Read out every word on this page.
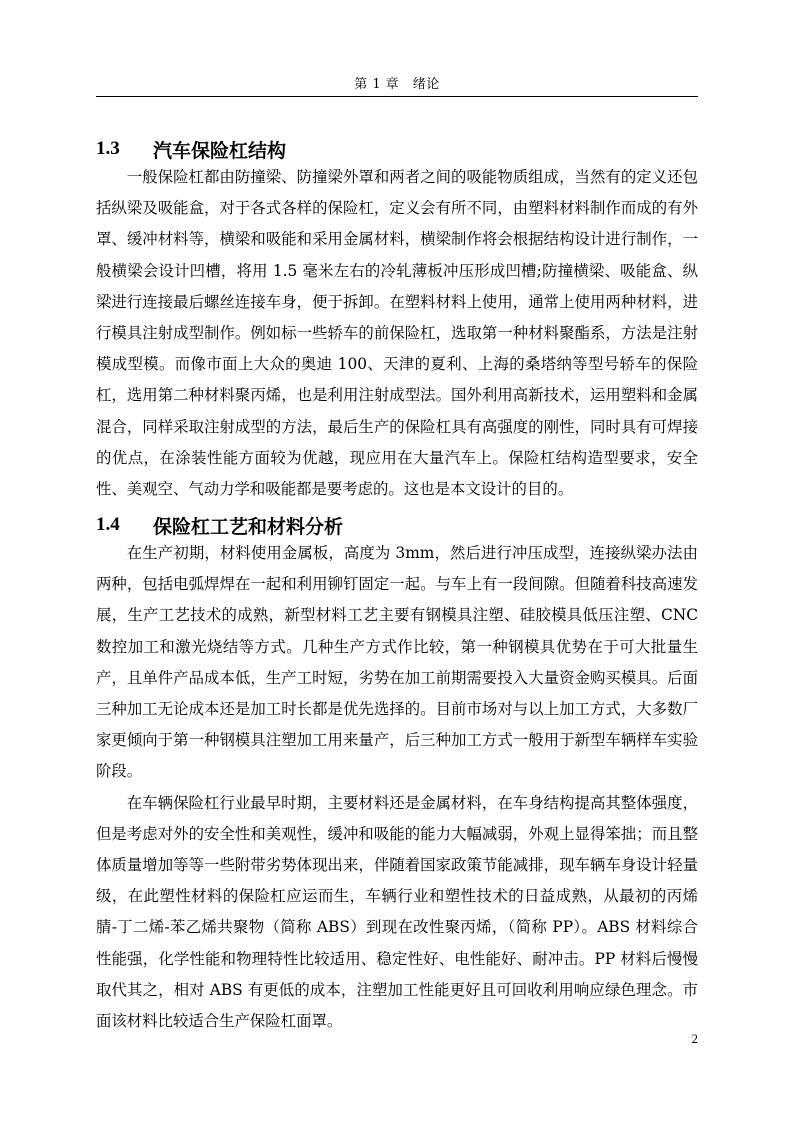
第 1 章　绪论
1.3	汽车保险杠结构

一般保险杠都由防撞梁、防撞梁外罩和两者之间的吸能物质组成，当然有的定义还包括纵梁及吸能盒，对于各式各样的保险杠，定义会有所不同，由塑料材料制作而成的有外罩、缓冲材料等，横梁和吸能和采用金属材料，横梁制作将会根据结构设计进行制作，一般横梁会设计凹槽，将用 1.5 毫米左右的冷轧薄板冲压形成凹槽;防撞横梁、吸能盒、纵梁进行连接最后螺丝连接车身，便于拆卸。在塑料材料上使用，通常上使用两种材料，进行模具注射成型制作。例如标一些轿车的前保险杠，选取第一种材料聚酯系，方法是注射模成型模。而像市面上大众的奥迪 100、天津的夏利、上海的桑塔纳等型号轿车的保险杠，选用第二种材料聚丙烯，也是利用注射成型法。国外利用高新技术，运用塑料和金属混合，同样采取注射成型的方法，最后生产的保险杠具有高强度的刚性，同时具有可焊接的优点，在涂装性能方面较为优越，现应用在大量汽车上。保险杠结构造型要求，安全性、美观空、气动力学和吸能都是要考虑的。这也是本文设计的目的。

1.4	保险杠工艺和材料分析

在生产初期，材料使用金属板，高度为 3mm，然后进行冲压成型，连接纵梁办法由两种，包括电弧焊焊在一起和利用铆钉固定一起。与车上有一段间隙。但随着科技高速发展，生产工艺技术的成熟，新型材料工艺主要有钢模具注塑、硅胶模具低压注塑、CNC 数控加工和激光烧结等方式。几种生产方式作比较，第一种钢模具优势在于可大批量生产，且单件产品成本低，生产工时短，劣势在加工前期需要投入大量资金购买模具。后面三种加工无论成本还是加工时长都是优先选择的。目前市场对与以上加工方式，大多数厂家更倾向于第一种钢模具注塑加工用来量产，后三种加工方式一般用于新型车辆样车实验阶段。

在车辆保险杠行业最早时期，主要材料还是金属材料，在车身结构提高其整体强度，但是考虑对外的安全性和美观性，缓冲和吸能的能力大幅减弱，外观上显得笨拙；而且整体质量增加等等一些附带劣势体现出来，伴随着国家政策节能减排，现车辆车身设计轻量级，在此塑性材料的保险杠应运而生，车辆行业和塑性技术的日益成熟，从最初的丙烯腈-丁二烯-苯乙烯共聚物（简称 ABS）到现在改性聚丙烯，（简称 PP）。ABS 材料综合性能强，化学性能和物理特性比较适用、稳定性好、电性能好、耐冲击。PP 材料后慢慢取代其之，相对 ABS 有更低的成本，注塑加工性能更好且可回收利用响应绿色理念。市面该材料比较适合生产保险杠面罩。

2
